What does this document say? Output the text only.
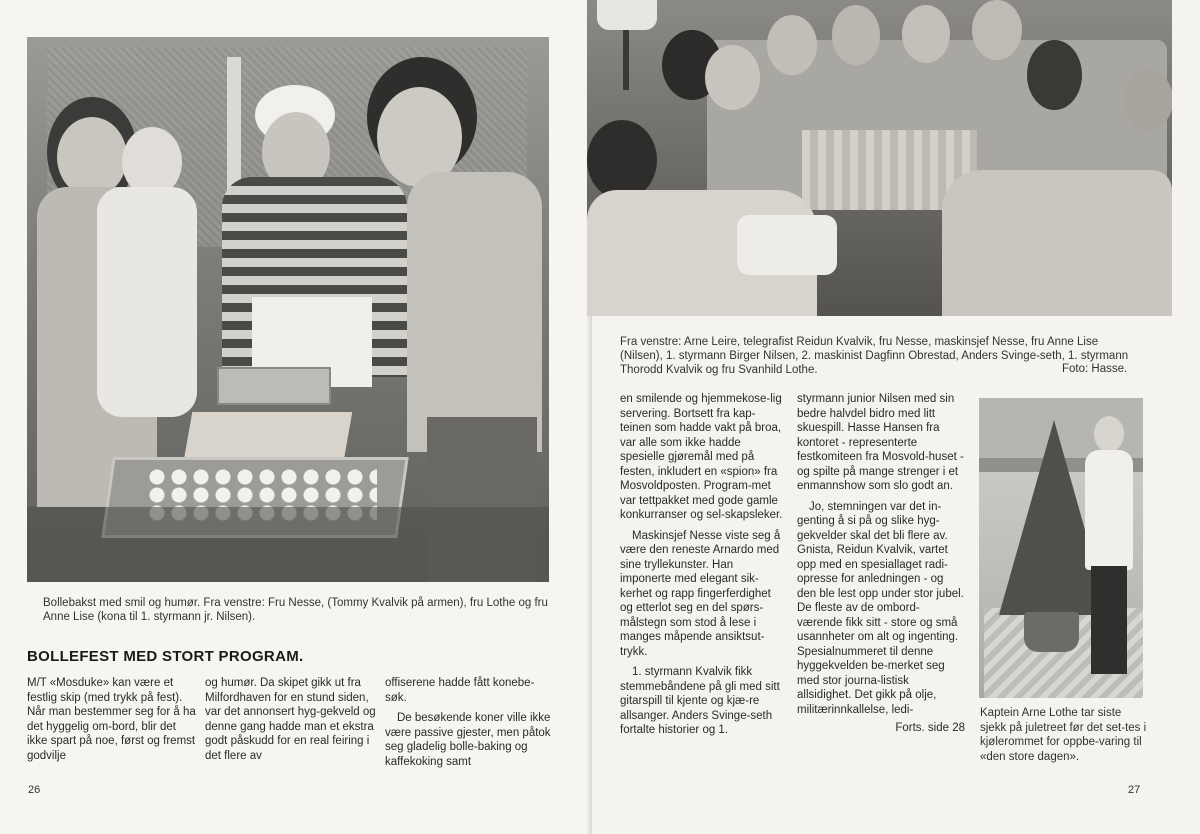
Bollebakst med smil og humør. Fra venstre: Fru Nesse, (Tommy Kvalvik på armen), fru Lothe og fru Anne Lise (kona til 1. styrmann jr. Nilsen).

BOLLEFEST MED STORT PROGRAM.

M/T «Mosduke» kan være et festlig skip (med trykk på fest). Når man bestemmer seg for å ha det hyggelig om-bord, blir det ikke spart på noe, først og fremst godvilje

og humør. Da skipet gikk ut fra Milfordhaven for en stund siden, var det annonsert hyg-gekveld og denne gang hadde man et ekstra godt påskudd for en real feiring i det flere av

offiserene hadde fått konebe-søk.

De besøkende koner ville ikke være passive gjester, men påtok seg gladelig bolle-baking og kaffekoking samt

26

Fra venstre: Arne Leire, telegrafist Reidun Kvalvik, fru Nesse, maskinsjef Nesse, fru Anne Lise (Nilsen), 1. styrmann Birger Nilsen, 2. maskinist Dagfinn Obrestad, Anders Svinge-seth, 1. styrmann Thorodd Kvalvik og fru Svanhild Lothe.	Foto: Hasse.

en smilende og hjemmekose-lig servering. Bortsett fra kap-teinen som hadde vakt på broa, var alle som ikke hadde spesielle gjøremål med på festen, inkludert en «spion» fra Mosvoldposten. Program-met var tettpakket med gode gamle konkurranser og sel-skapsleker.

Maskinsjef Nesse viste seg å være den reneste Arnardo med sine tryllekunster. Han imponerte med elegant sik-kerhet og rapp fingerferdighet og etterlot seg en del spørs-målstegn som stod å lese i manges måpende ansiktsut-trykk.

1. styrmann Kvalvik fikk stemmebåndene på gli med sitt gitarspill til kjente og kjæ-re allsanger. Anders Svinge-seth fortalte historier og 1.

styrmann junior Nilsen med sin bedre halvdel bidro med litt skuespill. Hasse Hansen fra kontoret - representerte festkomiteen fra Mosvold-huset - og spilte på mange strenger i et enmannshow som slo godt an.

Jo, stemningen var det in-genting å si på og slike hyg-gekvelder skal det bli flere av. Gnista, Reidun Kvalvik, vartet opp med en spesiallaget radi-opresse for anledningen - og den ble lest opp under stor jubel. De fleste av de ombord-værende fikk sitt - store og små usannheter om alt og ingenting. Spesialnummeret til denne hyggekvelden be-merket seg med stor journa-listisk allsidighet. Det gikk på olje, militærinnkallelse, ledi-

Forts. side 28

Kaptein Arne Lothe tar siste sjekk på juletreet før det set-tes i kjølerommet for oppbe-varing til «den store dagen».

27
